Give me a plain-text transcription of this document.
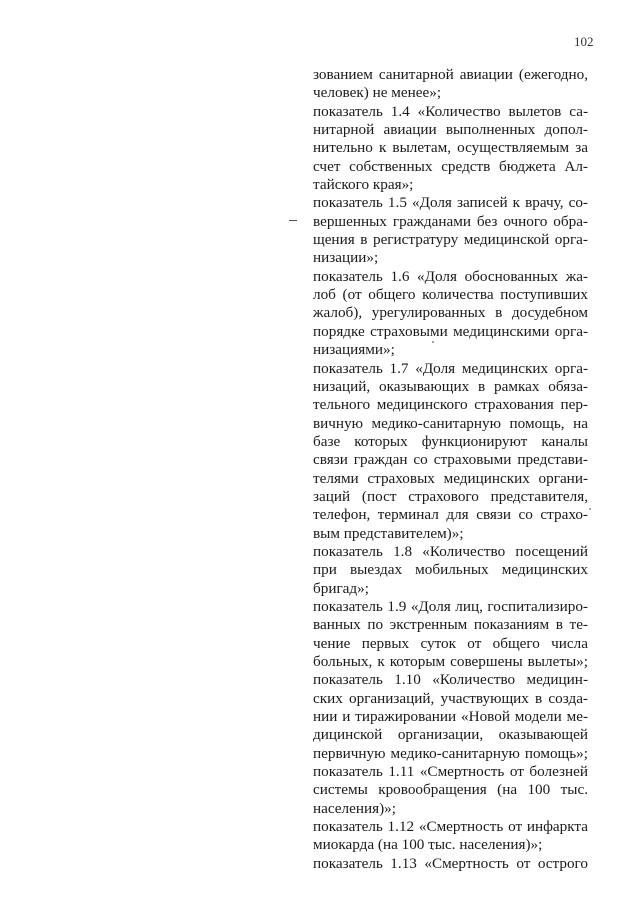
102
зованием санитарной авиации (ежегодно,
человек) не менее»;
показатель 1.4 «Количество вылетов са-
нитарной авиации выполненных допол-
нительно к вылетам, осуществляемым за
счет собственных средств бюджета Ал-
тайского края»;
показатель 1.5 «Доля записей к врачу, со-
вершенных гражданами без очного обра-
щения в регистратуру медицинской орга-
низации»;
показатель 1.6 «Доля обоснованных жа-
лоб (от общего количества поступивших
жалоб), урегулированных в досудебном
порядке страховыми медицинскими орга-
низациями»;
показатель 1.7 «Доля медицинских орга-
низаций, оказывающих в рамках обяза-
тельного медицинского страхования пер-
вичную медико-санитарную помощь, на
базе которых функционируют каналы
связи граждан со страховыми представи-
телями страховых медицинских органи-
заций (пост страхового представителя,
телефон, терминал для связи со страхо-
вым представителем)»;
показатель 1.8 «Количество посещений
при выездах мобильных медицинских
бригад»;
показатель 1.9 «Доля лиц, госпитализиро-
ванных по экстренным показаниям в те-
чение первых суток от общего числа
больных, к которым совершены вылеты»;
показатель 1.10 «Количество медицин-
ских организаций, участвующих в созда-
нии и тиражировании «Новой модели ме-
дицинской организации, оказывающей
первичную медико-санитарную помощь»;
показатель 1.11 «Смертность от болезней
системы кровообращения (на 100 тыс.
населения)»;
показатель 1.12 «Смертность от инфаркта
миокарда (на 100 тыс. населения)»;
показатель 1.13 «Смертность от острого
